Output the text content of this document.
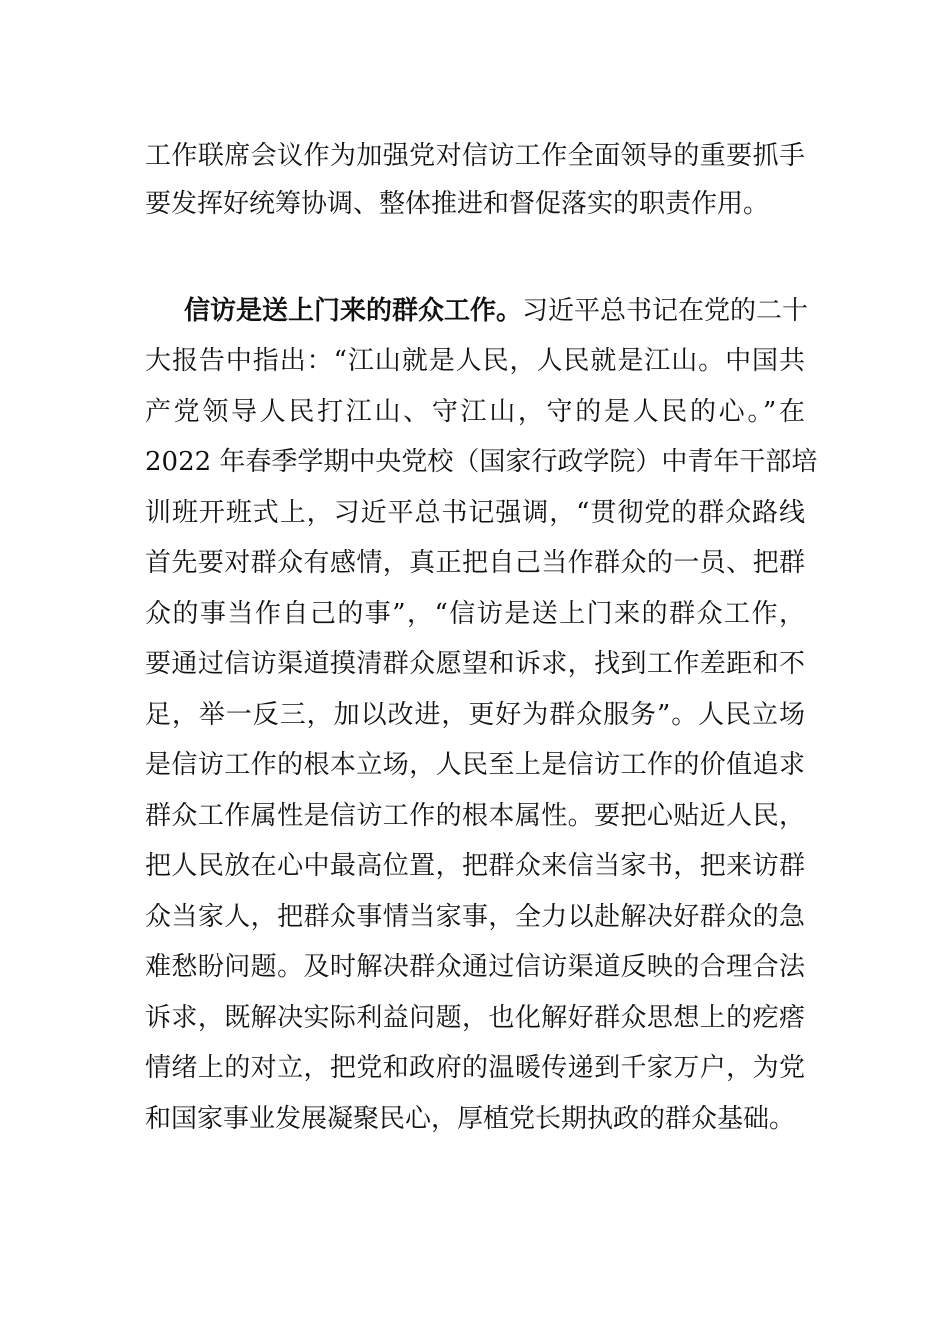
工作联席会议作为加强党对信访工作全面领导的重要抓手
要发挥好统筹协调、整体推进和督促落实的职责作用。
信访是送上门来的群众工作。习近平总书记在党的二十
大报告中指出：“江山就是人民，人民就是江山。中国共
产党领导人民打江山、守江山，守的是人民的心。”在
2022 年春季学期中央党校（国家行政学院）中青年干部培
训班开班式上，习近平总书记强调，“贯彻党的群众路线
首先要对群众有感情，真正把自己当作群众的一员、把群
众的事当作自己的事”，“信访是送上门来的群众工作，
要通过信访渠道摸清群众愿望和诉求，找到工作差距和不
足，举一反三，加以改进，更好为群众服务”。人民立场
是信访工作的根本立场，人民至上是信访工作的价值追求
群众工作属性是信访工作的根本属性。要把心贴近人民，
把人民放在心中最高位置，把群众来信当家书，把来访群
众当家人，把群众事情当家事，全力以赴解决好群众的急
难愁盼问题。及时解决群众通过信访渠道反映的合理合法
诉求，既解决实际利益问题，也化解好群众思想上的疙瘩
情绪上的对立，把党和政府的温暖传递到千家万户，为党
和国家事业发展凝聚民心，厚植党长期执政的群众基础。
